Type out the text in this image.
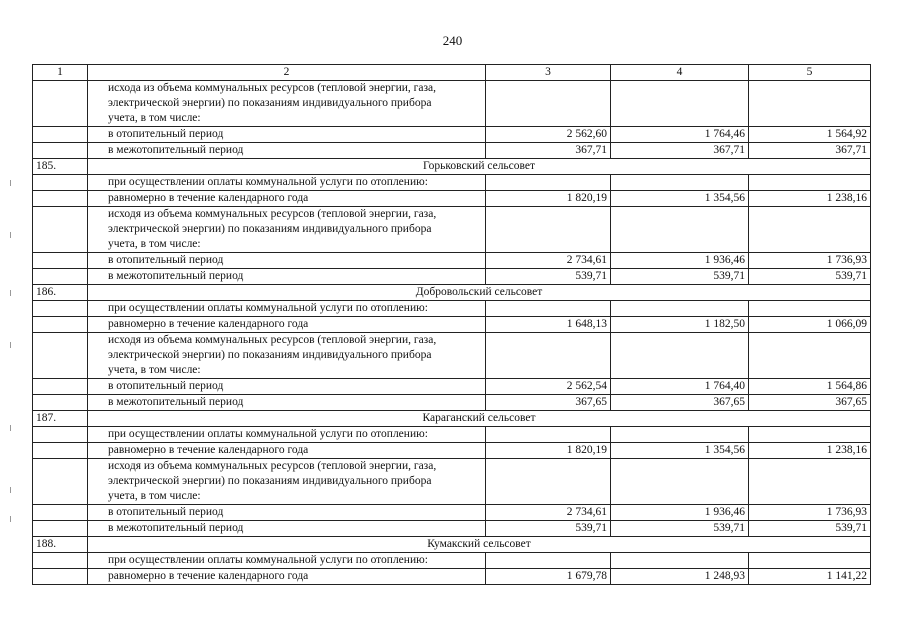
240
1	2	3	4	5

	исхода из объема коммунальных ресурсов (тепловой энергии, газа,
электрической энергии) по показаниям индивидуального прибора
учета, в том числе:			

	в отопительный период	2 562,60	1 764,46	1 564,92
	в межотопительный период	367,71	367,71	367,71
185.	Горьковский сельсовет			

	при осуществлении оплаты коммунальной услуги по отоплению:			

	равномерно в течение календарного года	1 820,19	1 354,56	1 238,16

	исходя из объема коммунальных ресурсов (тепловой энергии, газа,
электрической энергии) по показаниям индивидуального прибора
учета, в том числе:			

	в отопительный период	2 734,61	1 936,46	1 736,93
	в межотопительный период	539,71	539,71	539,71
186.	Добровольский сельсовет			

	при осуществлении оплаты коммунальной услуги по отоплению:			

	равномерно в течение календарного года	1 648,13	1 182,50	1 066,09

	исходя из объема коммунальных ресурсов (тепловой энергии, газа,
электрической энергии) по показаниям индивидуального прибора
учета, в том числе:			

	в отопительный период	2 562,54	1 764,40	1 564,86
	в межотопительный период	367,65	367,65	367,65
187.	Караганский сельсовет			

	при осуществлении оплаты коммунальной услуги по отоплению:			

	равномерно в течение календарного года	1 820,19	1 354,56	1 238,16

	исходя из объема коммунальных ресурсов (тепловой энергии, газа,
электрической энергии) по показаниям индивидуального прибора
учета, в том числе:			

	в отопительный период	2 734,61	1 936,46	1 736,93
	в межотопительный период	539,71	539,71	539,71
188.	Кумакский сельсовет			

	при осуществлении оплаты коммунальной услуги по отоплению:			

	равномерно в течение календарного года	1 679,78	1 248,93	1 141,22
